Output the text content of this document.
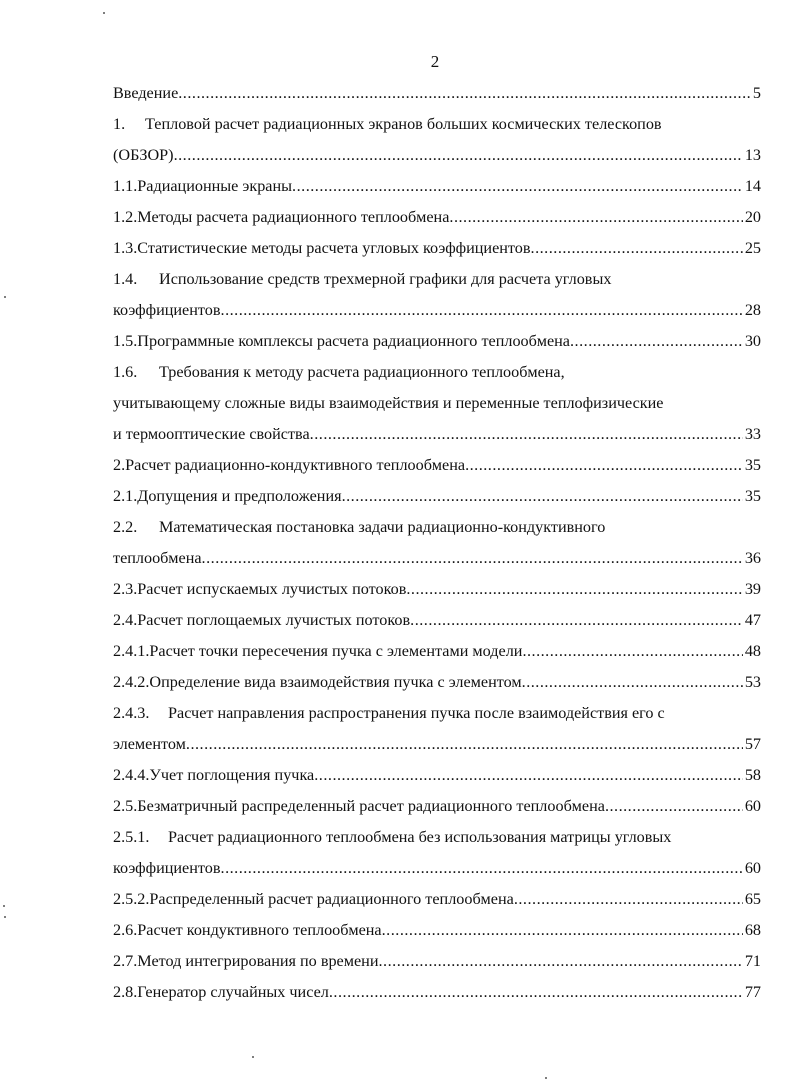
2
Введение .....	5
1.	Тепловой расчет радиационных экранов больших космических телескопов
(ОБЗОР) .....	13
1.1. Радиационные экраны .....	14
1.2. Методы расчета радиационного теплообмена .....	20
1.3. Статистические методы расчета угловых коэффициентов .....	25
1.4.	Использование средств трехмерной графики для расчета угловых
коэффициентов .....	28
1.5. Программные комплексы расчета радиационного теплообмена .....	30
1.6.	Требования к методу расчета радиационного теплообмена,
учитывающему сложные виды взаимодействия и переменные теплофизические
и термооптические свойства .....	33
2. Расчет радиационно-кондуктивного теплообмена .....	35
2.1. Допущения и предположения .....	35
2.2.	Математическая постановка задачи радиационно-кондуктивного
теплообмена .....	36
2.3. Расчет испускаемых лучистых потоков .....	39
2.4. Расчет поглощаемых лучистых потоков .....	47
2.4.1. Расчет точки пересечения пучка с элементами модели .....	48
2.4.2. Определение вида взаимодействия пучка с элементом .....	53
2.4.3.	Расчет направления распространения пучка после взаимодействия его с
элементом .....	57
2.4.4. Учет поглощения пучка .....	58
2.5. Безматричный распределенный расчет радиационного теплообмена .....	60
2.5.1.	Расчет радиационного теплообмена без использования матрицы угловых
коэффициентов .....	60
2.5.2. Распределенный расчет радиационного теплообмена .....	65
2.6. Расчет кондуктивного теплообмена .....	68
2.7. Метод интегрирования по времени .....	71
2.8. Генератор случайных чисел .....	77
